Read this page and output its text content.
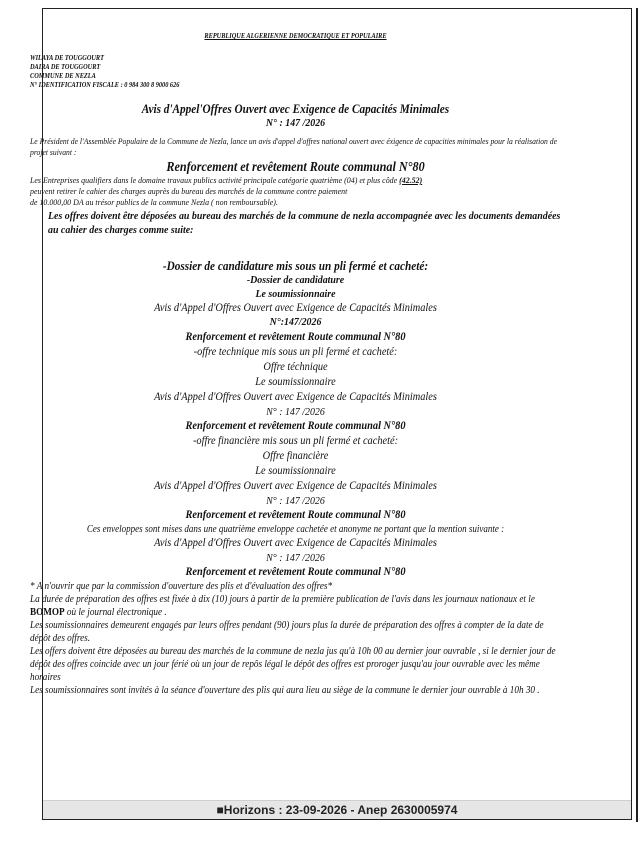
REPUBLIQUE ALGERIENNE DEMOCRATIQUE ET POPULAIRE
WILAYA DE TOUGGOURT
DAIRA DE TOUGGOURT
COMMUNE DE NEZLA
N° IDENTIFICATION FISCALE : 0 984 300 8 9000 626
Avis d'Appel'Offres Ouvert avec Exigence de Capacités Minimales
N° : 147 /2026
Le Président de l'Assemblée Populaire de la Commune de Nezla, lance un avis d'appel d'offres national ouvert avec éxigence de capacities minimales pour la réalisation de projet suivant :
Renforcement et revêtement Route communal N°80
Les Entreprises qualifiers dans le domaine travaux publics activité principale catégorie quatrième (04) et plus côde (42.52)
peuvent retirer le cahier des charges auprès du bureau des marchés de la commune contre paiement
de 10.000,00 DA au trésor publics de la commune Nezla ( non remboursable).
Les offres doivent être déposées au bureau des marchés de la commune de nezla accompagnée avec les documents demandées au cahier des charges comme suite:
-Dossier de candidature mis sous un pli fermé et cacheté:
-Dossier de candidature
Le soumissionnaire
Avis d'Appel d'Offres Ouvert avec Exigence de Capacités Minimales
N°:147/2026
Renforcement et revêtement Route communal N°80
-offre technique mis sous un pli fermé et cacheté:
Offre téchnique
Le soumissionnaire
Avis d'Appel d'Offres Ouvert avec Exigence de Capacités Minimales
N° : 147 /2026
Renforcement et revêtement Route communal N°80
-offre financière mis sous un pli fermé et cacheté:
Offre financière
Le soumissionnaire
Avis d'Appel d'Offres Ouvert avec Exigence de Capacités Minimales
N° : 147 /2026
Renforcement et revêtement Route communal N°80
Ces enveloppes sont mises dans une quatrième enveloppe cachetée et anonyme ne portant que la mention suivante :
Avis d'Appel d'Offres Ouvert avec Exigence de Capacités Minimales
N° : 147 /2026
Renforcement et revêtement Route communal N°80
* A n'ouvrir que par la commission d'ouverture des plis et d'évaluation des offres*
La durée de préparation des offres est fixée à dix (10) jours à partir de la première publication de l'avis dans les journaux nationaux et le BOMOP où le journal électronique .
Les soumissionnaires demeurent engagés par leurs offres pendant (90) jours plus la durée de préparation des offres à compter de la date de dépôt des offres.
Les offers doivent être déposées au bureau des marchés de la commune de nezla jus qu'à 10h 00 au dernier jour ouvrable , si le dernier jour de dépôt des offres coincide avec un jour férié où un jour de repôs légal le dépôt des offres est proroger jusqu'au jour ouvrable avec les même horaires
Les soumissionnaires sont invités à la séance d'ouverture des plis qui aura lieu au siège de la commune le dernier jour ouvrable à 10h 30 .
■Horizons : 23-09-2026 - Anep 2630005974
